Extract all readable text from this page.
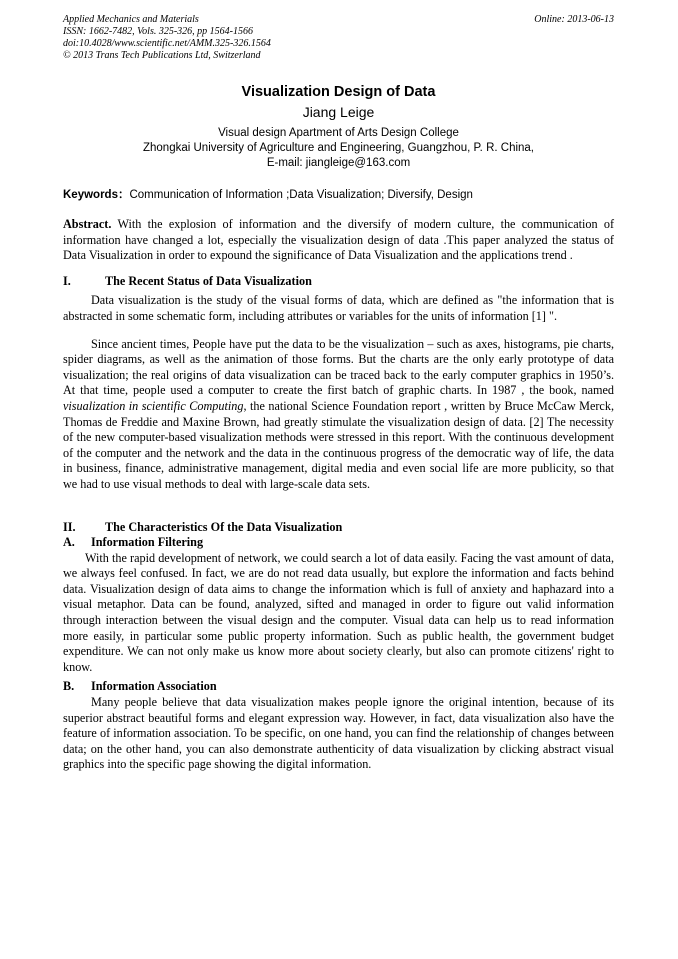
Applied Mechanics and Materials
ISSN: 1662-7482, Vols. 325-326, pp 1564-1566
doi:10.4028/www.scientific.net/AMM.325-326.1564
© 2013 Trans Tech Publications Ltd, Switzerland
Online: 2013-06-13
Visualization Design of Data
Jiang Leige
Visual design Apartment of Arts Design College
Zhongkai University of Agriculture and Engineering, Guangzhou, P. R. China,
E-mail: jiangleige@163.com
Keywords：Communication of Information ;Data Visualization; Diversify, Design

Abstract. With the explosion of information and the diversify of modern culture, the communication of information have changed a lot, especially the visualization design of data .This paper analyzed the status of Data Visualization in order to expound the significance of Data Visualization and the applications trend .

I.	The Recent Status of Data Visualization

Data visualization is the study of the visual forms of data, which are defined as "the information that is abstracted in some schematic form, including attributes or variables for the units of information [1] ".

Since ancient times, People have put the data to be the visualization – such as axes, histograms, pie charts, spider diagrams, as well as the animation of those forms. But the charts are the only early prototype of data visualization; the real origins of data visualization can be traced back to the early computer graphics in 1950’s. At that time, people used a computer to create the first batch of graphic charts. In 1987 , the book, named visualization in scientific Computing, the national Science Foundation report , written by Bruce McCaw Merck, Thomas de Freddie and Maxine Brown, had greatly stimulate the visualization design of data. [2] The necessity of the new computer-based visualization methods were stressed in this report. With the continuous development of the computer and the network and the data in the continuous progress of the democratic way of life, the data in business, finance, administrative management, digital media and even social life are more publicity, so that we had to use visual methods to deal with large-scale data sets.

II.	The Characteristics Of the Data Visualization
A.	Information Filtering

With the rapid development of network, we could search a lot of data easily. Facing the vast amount of data, we always feel confused. In fact, we are do not read data usually, but explore the information and facts behind data. Visualization design of data aims to change the information which is full of anxiety and haphazard into a visual metaphor. Data can be found, analyzed, sifted and managed in order to figure out valid information through interaction between the visual design and the computer. Visual data can help us to read information more easily, in particular some public property information. Such as public health, the government budget expenditure. We can not only make us know more about society clearly, but also can promote citizens' right to know.

B.	Information Association

Many people believe that data visualization makes people ignore the original intention, because of its superior abstract beautiful forms and elegant expression way. However, in fact, data visualization also have the feature of information association. To be specific, on one hand, you can find the relationship of changes between data; on the other hand, you can also demonstrate authenticity of data visualization by clicking abstract visual graphics into the specific page showing the digital information.
